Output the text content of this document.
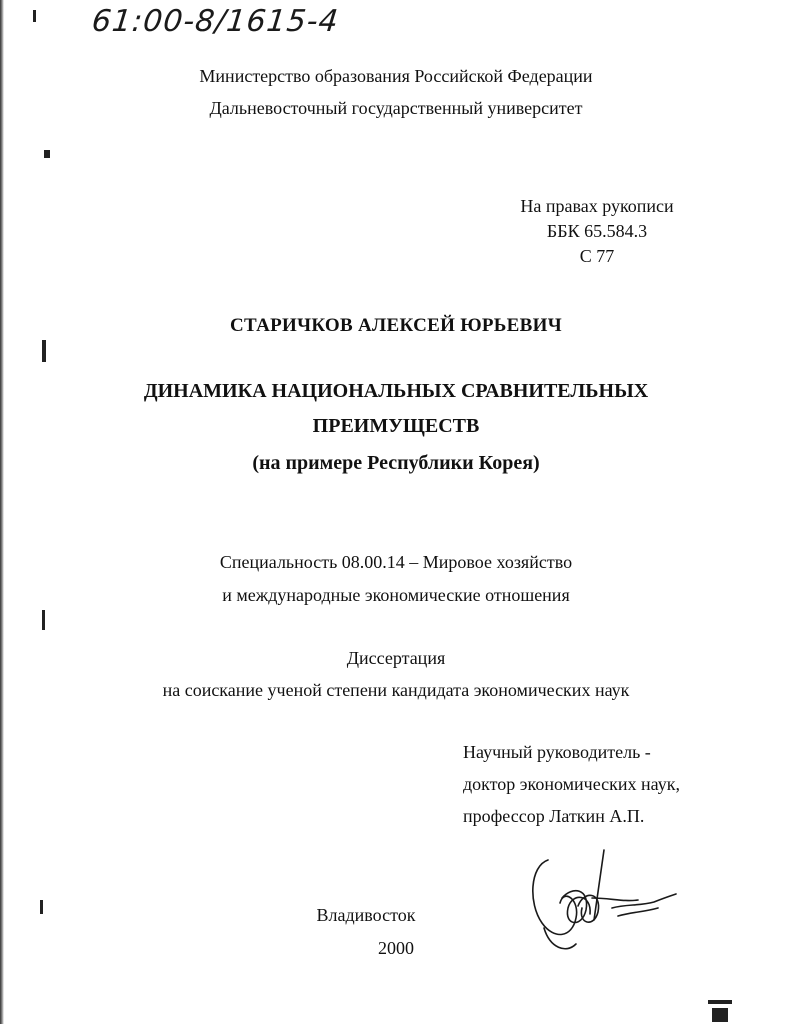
61:00-8/1615-4
Министерство образования Российской Федерации
Дальневосточный государственный университет
На правах рукописи
ББК 65.584.3
С 77
СТАРИЧКОВ АЛЕКСЕЙ ЮРЬЕВИЧ
ДИНАМИКА НАЦИОНАЛЬНЫХ СРАВНИТЕЛЬНЫХ
ПРЕИМУЩЕСТВ
(на примере Республики Корея)
Специальность 08.00.14 – Мировое хозяйство
и международные экономические отношения
Диссертация
на соискание ученой степени кандидата экономических наук
Научный руководитель -
доктор экономических наук,
профессор Латкин А.П.
Владивосток
2000
